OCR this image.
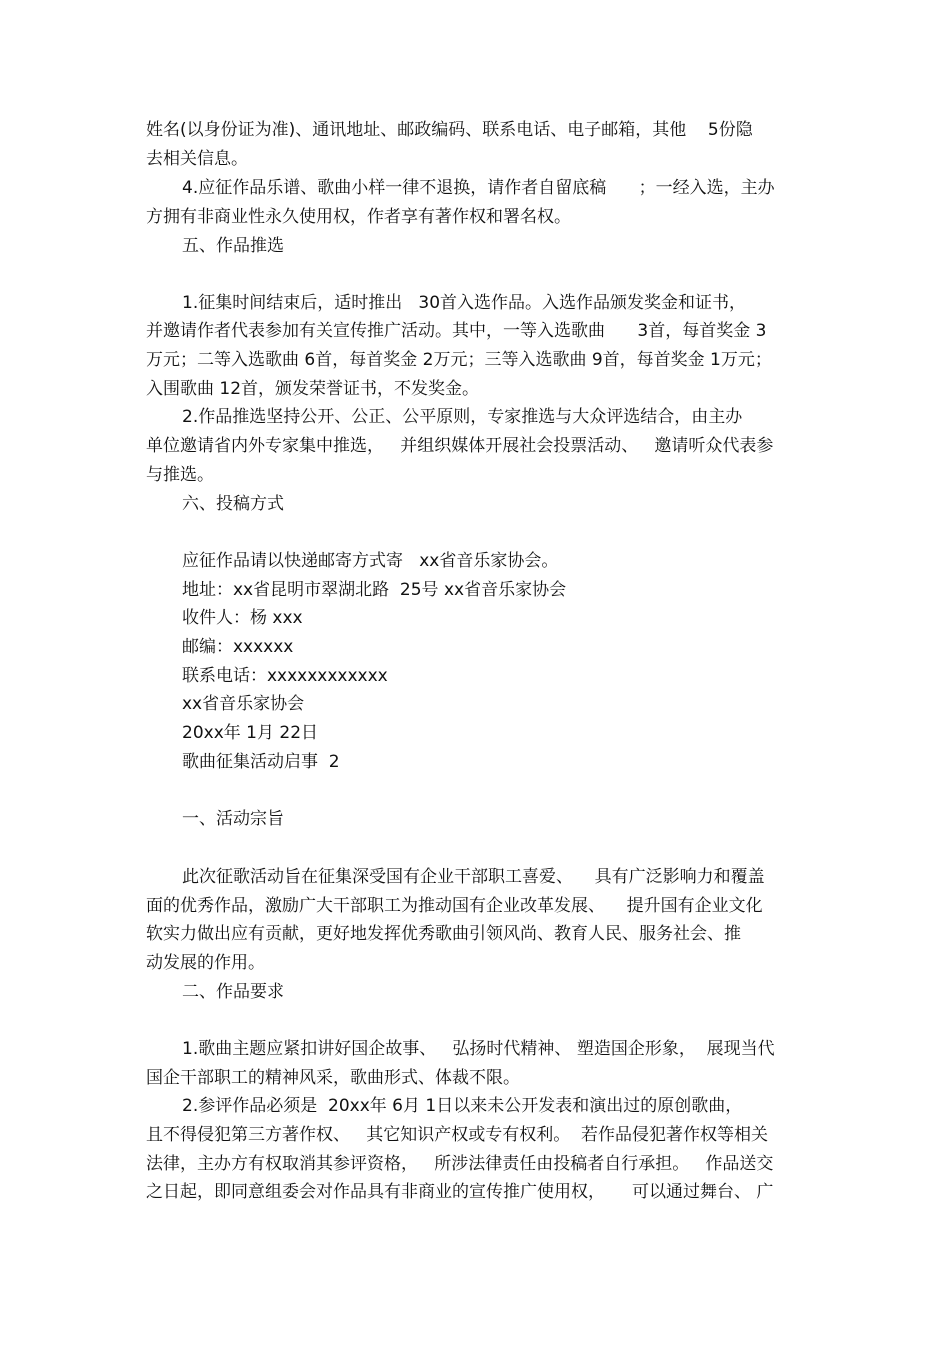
姓名(以身份证为准)、通讯地址、邮政编码、联系电话、电子邮箱，其他    5份隐
去相关信息。
4.应征作品乐谱、歌曲小样一律不退换，请作者自留底稿      ；一经入选，主办
方拥有非商业性永久使用权，作者享有著作权和署名权。
五、作品推选
1.征集时间结束后，适时推出   30首入选作品。入选作品颁发奖金和证书，
并邀请作者代表参加有关宣传推广活动。其中，一等入选歌曲      3首，每首奖金 3
万元；二等入选歌曲 6首，每首奖金 2万元；三等入选歌曲 9首，每首奖金 1万元；
入围歌曲 12首，颁发荣誉证书，不发奖金。
2.作品推选坚持公开、公正、公平原则，专家推选与大众评选结合，由主办
单位邀请省内外专家集中推选，   并组织媒体开展社会投票活动、   邀请听众代表参
与推选。
六、投稿方式
应征作品请以快递邮寄方式寄   xx省音乐家协会。
地址：xx省昆明市翠湖北路  25号 xx省音乐家协会
收件人：杨 xxx
邮编：xxxxxx
联系电话：xxxxxxxxxxxx
xx省音乐家协会
20xx年 1月 22日
歌曲征集活动启事  2
一、活动宗旨
此次征歌活动旨在征集深受国有企业干部职工喜爱、    具有广泛影响力和覆盖
面的优秀作品，激励广大干部职工为推动国有企业改革发展、    提升国有企业文化
软实力做出应有贡献，更好地发挥优秀歌曲引领风尚、教育人民、服务社会、推
动发展的作用。
二、作品要求
1.歌曲主题应紧扣讲好国企故事、   弘扬时代精神、 塑造国企形象，  展现当代
国企干部职工的精神风采，歌曲形式、体裁不限。
2.参评作品必须是  20xx年 6月 1日以来未公开发表和演出过的原创歌曲，
且不得侵犯第三方著作权、   其它知识产权或专有权利。  若作品侵犯著作权等相关
法律，主办方有权取消其参评资格，   所涉法律责任由投稿者自行承担。   作品送交
之日起，即同意组委会对作品具有非商业的宣传推广使用权，     可以通过舞台、 广
